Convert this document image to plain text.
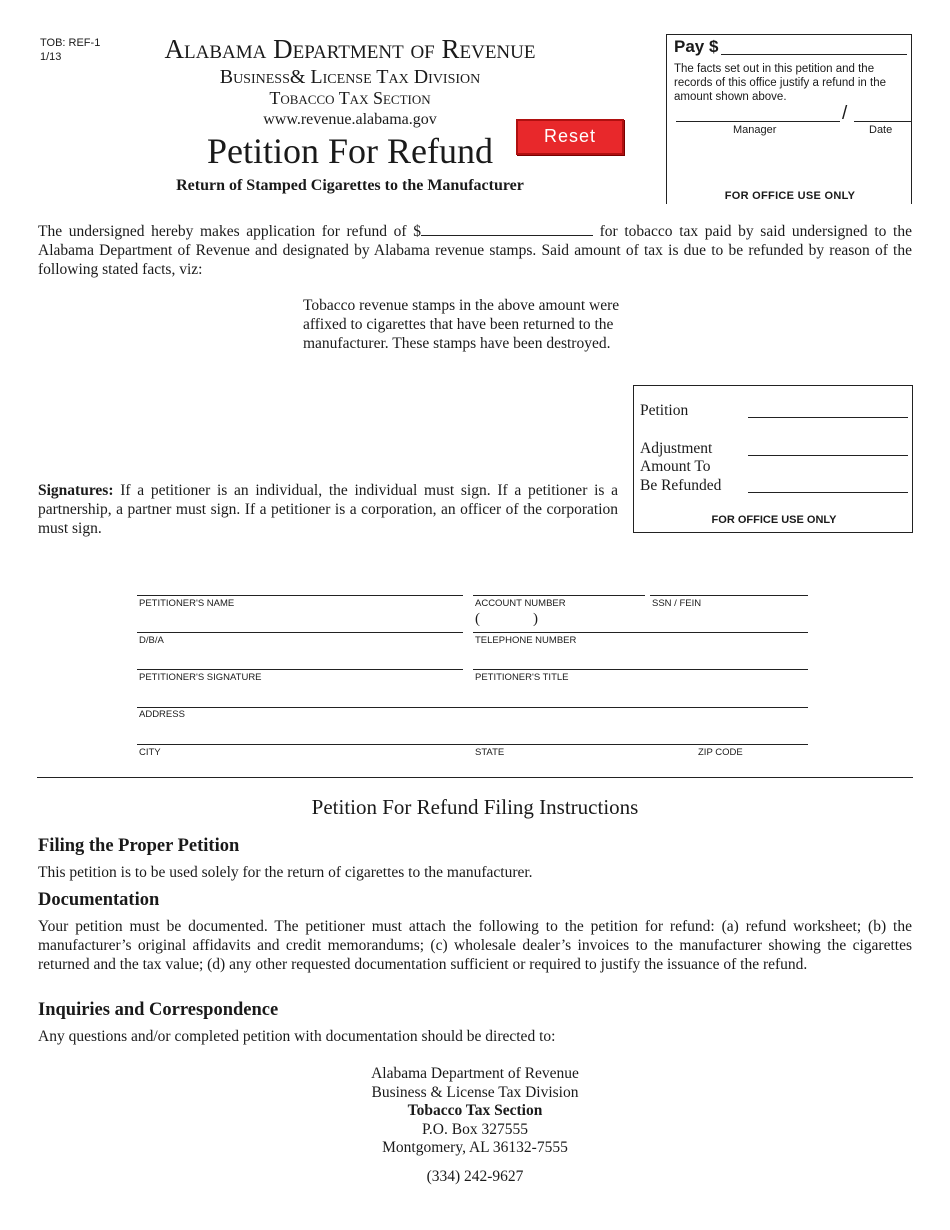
TOB: REF-1
1/13	Alabama Department of Revenue
Business& License Tax Division
Tobacco Tax Section
www.revenue.alabama.gov
Petition For Refund
Return of Stamped Cigarettes to the Manufacturer
Reset
Pay $
The facts set out in this petition and the records of this office justify a refund in the amount shown above.
/
Manager	Date
FOR OFFICE USE ONLY
The undersigned hereby makes application for refund of $	for tobacco tax paid by said undersigned to the Alabama Department of Revenue and designated by Alabama revenue stamps. Said amount of tax is due to be refunded by reason of the following stated facts, viz:
Tobacco revenue stamps in the above amount were affixed to cigarettes that have been returned to the manufacturer. These stamps have been destroyed.
Petition
Adjustment
Amount To
Be Refunded
FOR OFFICE USE ONLY
Signatures: If a petitioner is an individual, the individual must sign. If a petitioner is a partnership, a partner must sign. If a petitioner is a corporation, an officer of the corporation must sign.
PETITIONER'S NAME	ACCOUNT NUMBER	SSN / FEIN
D/B/A
(	)
TELEPHONE NUMBER
PETITIONER'S SIGNATURE	PETITIONER'S TITLE
ADDRESS
CITY	STATE	ZIP CODE
Petition For Refund Filing Instructions
Filing the Proper Petition
This petition is to be used solely for the return of cigarettes to the manufacturer.
Documentation
Your petition must be documented. The petitioner must attach the following to the petition for refund: (a) refund worksheet; (b) the manufacturer’s original affidavits and credit memorandums; (c) wholesale dealer’s invoices to the manufacturer showing the cigarettes returned and the tax value; (d) any other requested documentation sufficient or required to justify the issuance of the refund.
Inquiries and Correspondence
Any questions and/or completed petition with documentation should be directed to:
Alabama Department of Revenue
Business & License Tax Division
Tobacco Tax Section
P.O. Box 327555
Montgomery, AL 36132-7555
(334) 242-9627
